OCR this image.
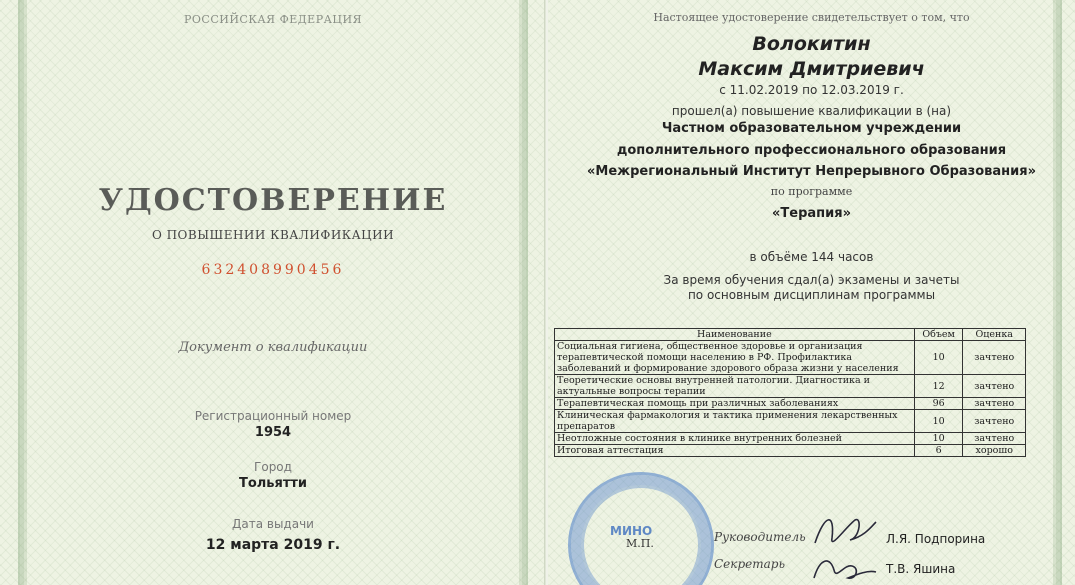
РОССИЙСКАЯ ФЕДЕРАЦИЯ
УДОСТОВЕРЕНИЕ
О ПОВЫШЕНИИ КВАЛИФИКАЦИИ
632408990456
Документ о квалификации
Регистрационный номер
1954
Город
Тольятти
Дата выдачи
12 марта 2019 г.
Настоящее удостоверение свидетельствует о том, что
Волокитин
Максим Дмитриевич
с 11.02.2019 по 12.03.2019 г.
прошел(а) повышение квалификации в (на)
Частном образовательном учреждении
дополнительного профессионального образования
«Межрегиональный Институт Непрерывного Образования»
по программе
«Терапия»
в объёме 144 часов
За время обучения сдал(а) экзамены и зачеты
по основным дисциплинам программы
Наименование	Объем	Оценка
Социальная гигиена, общественное здоровье и организация терапевтической помощи населению в РФ. Профилактика заболеваний и формирование здорового образа жизни у населения	10	зачтено
Теоретические основы внутренней патологии. Диагностика и актуальные вопросы терапии	12	зачтено
Терапевтическая помощь при различных заболеваниях	96	зачтено
Клиническая фармакология и тактика применения лекарственных препаратов	10	зачтено
Неотложные состояния в клинике внутренних болезней	10	зачтено
Итоговая аттестация	6	хорошо
МИНО
М.П.	Руководитель	Л.Я. Подпорина
Секретарь	Т.В. Яшина
